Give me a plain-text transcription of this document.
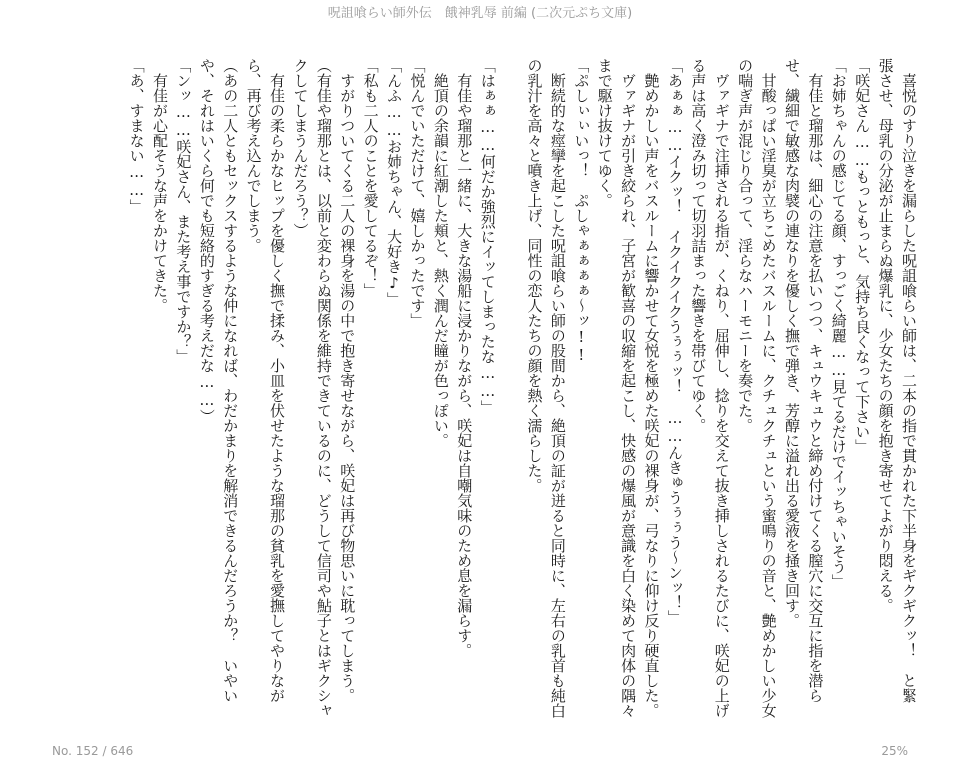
呪詛喰らい師外伝　餓神乳辱 前編 (二次元ぷち文庫)

　喜悦のすり泣きを漏らした呪詛喰らい師は、二本の指で貫かれた下半身をギクギクッ！　と緊

張させ、母乳の分泌が止まらぬ爆乳に、少女たちの顔を抱き寄せてよがり悶える。

「咲妃さん……もっともっと、気持ち良くなって下さい」

「お姉ちゃんの感じてる顔、すっごく綺麗……見てるだけでイッちゃいそう」

　有佳と瑠那は、細心の注意を払いつつ、キュウキュウと締め付けてくる膣穴に交互に指を潜ら

せ、繊細で敏感な肉襞の連なりを優しく撫で弾き、芳醇に溢れ出る愛液を掻き回す。

　甘酸っぱい淫臭が立ちこめたバスルームに、クチュクチュという蜜鳴りの音と、艶めかしい少女

の喘ぎ声が混じり合って、淫らなハーモニーを奏でた。

　ヴァギナで注挿される指が、くねり、屈伸し、捻りを交えて抜き挿しされるたびに、咲妃の上げ

る声は高く澄み切って切羽詰まった響きを帯びてゆく。

「あぁぁ……イクッ！　イクイクイクうぅぅッ！　……んきゅうぅぅう〜ンッ！」

　艶めかしい声をバスルームに響かせて女悦を極めた咲妃の裸身が、弓なりに仰け反り硬直した。

　ヴァギナが引き絞られ、子宮が歓喜の収縮を起こし、快感の爆風が意識を白く染めて肉体の隅々

まで駆け抜けてゆく。

「ぷしぃぃいっ！　ぷしゃぁぁぁぁ〜ッ!!

　断続的な痙攣を起こした呪詛喰らい師の股間から、絶頂の証が迸ると同時に、左右の乳首も純白

の乳汁を高々と噴き上げ、同性の恋人たちの顔を熱く濡らした。

「はぁぁ……何だか強烈にイッてしまったな……」

　有佳や瑠那と一緒に、大きな湯船に浸かりながら、咲妃は自嘲気味のため息を漏らす。

　絶頂の余韻に紅潮した頬と、熱く潤んだ瞳が色っぽい。

「悦んでいただけて、嬉しかったです」

「んふ……お姉ちゃん、大好き♪」

「私も二人のことを愛してるぞ！」

　すがりついてくる二人の裸身を湯の中で抱き寄せながら、咲妃は再び物思いに耽ってしまう。

（有佳や瑠那とは、以前と変わらぬ関係を維持できているのに、どうして信司や鮎子とはギクシャ

クしてしまうんだろう？）

　有佳の柔らかなヒップを優しく撫で揉み、小皿を伏せたような瑠那の貧乳を愛撫してやりなが

ら、再び考え込んでしまう。

（あの二人ともセックスするような仲になれば、わだかまりを解消できるんだろうか？　いやい

や、それはいくら何でも短絡的すぎる考えだな……）

「ンッ……咲妃さん、また考え事ですか？」

　有佳が心配そうな声をかけてきた。

「あ、すまない……」

No. 152 / 646	25%
